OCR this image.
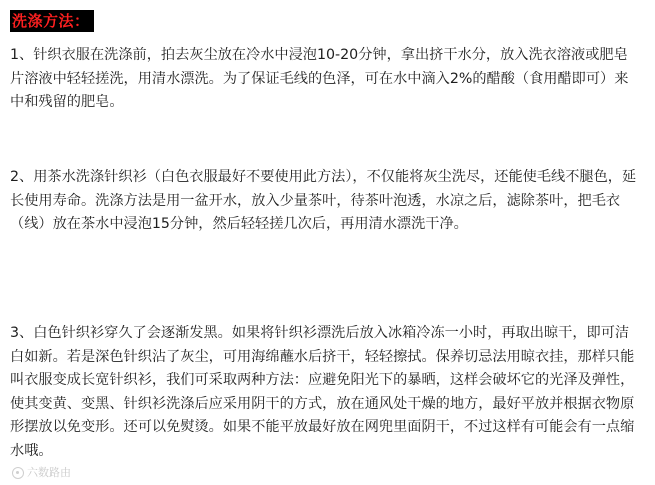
洗涤方法：

1、针织衣服在洗涤前，拍去灰尘放在冷水中浸泡10-20分钟，拿出挤干水分，放入洗衣溶液或肥皂片溶液中轻轻搓洗，用清水漂洗。为了保证毛线的色泽，可在水中滴入2%的醋酸（食用醋即可）来中和残留的肥皂。

2、用茶水洗涤针织衫（白色衣服最好不要使用此方法），不仅能将灰尘洗尽，还能使毛线不腿色，延长使用寿命。洗涤方法是用一盆开水，放入少量茶叶，待茶叶泡透，水凉之后，滤除茶叶，把毛衣（线）放在茶水中浸泡15分钟，然后轻轻搓几次后，再用清水漂洗干净。

3、白色针织衫穿久了会逐渐发黑。如果将针织衫漂洗后放入冰箱冷冻一小时，再取出晾干，即可洁白如新。若是深色针织沾了灰尘，可用海绵蘸水后挤干，轻轻擦拭。保养切忌法用晾衣挂，那样只能叫衣服变成长宽针织衫，我们可采取两种方法：应避免阳光下的暴晒，这样会破坏它的光泽及弹性，使其变黄、变黑、针织衫洗涤后应采用阴干的方式，放在通风处干燥的地方，最好平放并根据衣物原形摆放以免变形。还可以免熨烫。如果不能平放最好放在网兜里面阴干，不过这样有可能会有一点缩水哦。

六数路由
